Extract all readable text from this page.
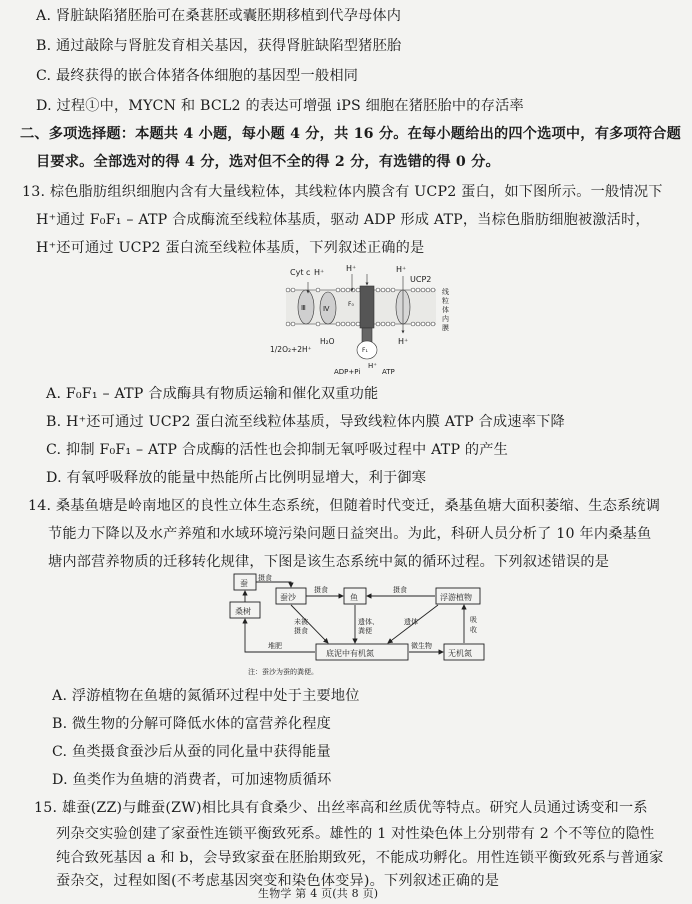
A. 肾脏缺陷猪胚胎可在桑葚胚或囊胚期移植到代孕母体内
B. 通过敲除与肾脏发育相关基因，获得肾脏缺陷型猪胚胎
C. 最终获得的嵌合体猪各体细胞的基因型一般相同
D. 过程①中，MYCN 和 BCL2 的表达可增强 iPS 细胞在猪胚胎中的存活率
二、多项选择题：本题共 4 小题，每小题 4 分，共 16 分。在每小题给出的四个选项中，有多项符合题
目要求。全部选对的得 4 分，选对但不全的得 2 分，有选错的得 0 分。
13. 棕色脂肪组织细胞内含有大量线粒体，其线粒体内膜含有 UCP2 蛋白，如下图所示。一般情况下
H⁺通过 F₀F₁ – ATP 合成酶流至线粒体基质，驱动 ADP 形成 ATP，当棕色脂肪细胞被激活时，
H⁺还可通过 UCP2 蛋白流至线粒体基质，下列叙述正确的是
Cyt c H⁺	H⁺	H⁺
UCP2
Ⅲ Ⅳ
F₀
F₁
H⁺
1/2O₂+2H⁺
H₂O
ADP+Pi
H⁺
ATP
线
粒
体
内
膜
A. F₀F₁ – ATP 合成酶具有物质运输和催化双重功能
B. H⁺还可通过 UCP2 蛋白流至线粒体基质，导致线粒体内膜 ATP 合成速率下降
C. 抑制 F₀F₁ – ATP 合成酶的活性也会抑制无氧呼吸过程中 ATP 的产生
D. 有氧呼吸释放的能量中热能所占比例明显增大，利于御寒
14. 桑基鱼塘是岭南地区的良性立体生态系统，但随着时代变迁，桑基鱼塘大面积萎缩、生态系统调
节能力下降以及水产养殖和水域环境污染问题日益突出。为此，科研人员分析了 10 年内桑基鱼
塘内部营养物质的迁移转化规律，下图是该生态系统中氮的循环过程。下列叙述错误的是
蚕
桑树
蚕沙	鱼	浮游植物
底泥中有机氮	无机氮
摄食
摄食	摄食
未被
摄食
遗体、
粪便
遗体	吸
收
堆肥	微生物
注：蚕沙为蚕的粪便。
A. 浮游植物在鱼塘的氮循环过程中处于主要地位
B. 微生物的分解可降低水体的富营养化程度
C. 鱼类摄食蚕沙后从蚕的同化量中获得能量
D. 鱼类作为鱼塘的消费者，可加速物质循环
15. 雄蚕(ZZ)与雌蚕(ZW)相比具有食桑少、出丝率高和丝质优等特点。研究人员通过诱变和一系
列杂交实验创建了家蚕性连锁平衡致死系。雄性的 1 对性染色体上分别带有 2 个不等位的隐性
纯合致死基因 a 和 b，会导致家蚕在胚胎期致死，不能成功孵化。用性连锁平衡致死系与普通家
蚕杂交，过程如图(不考虑基因突变和染色体变异)。下列叙述正确的是
生物学 第 4 页(共 8 页)
